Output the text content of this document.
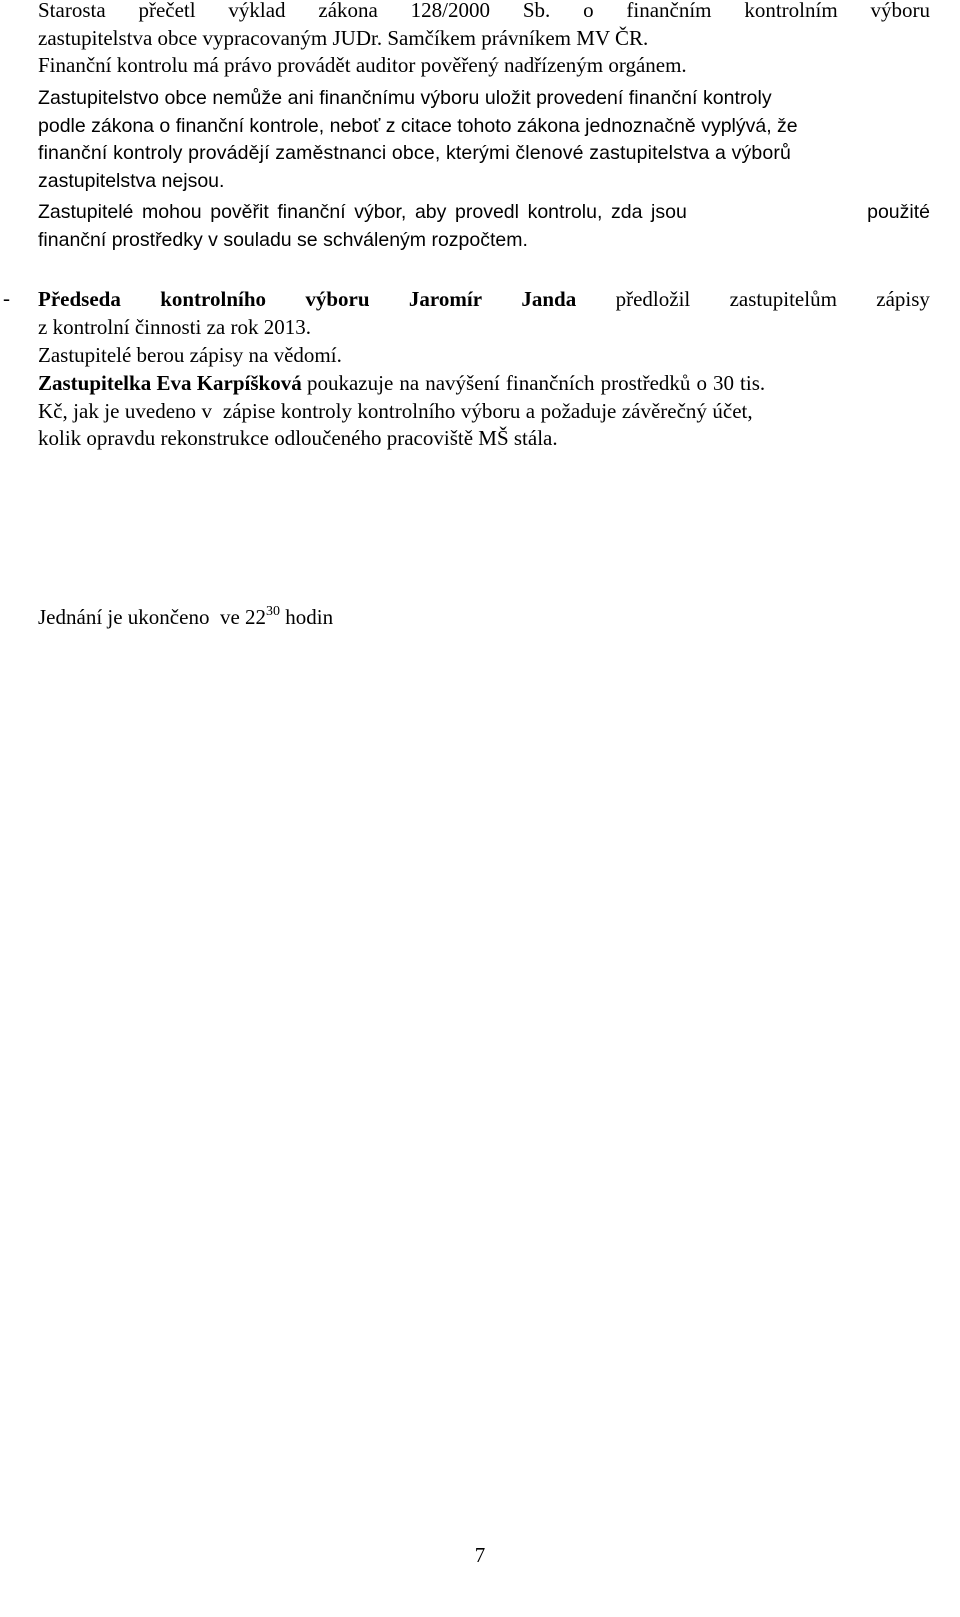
Starosta přečetl výklad zákona 128/2000 Sb. o finančním kontrolním výboru
zastupitelstva obce vypracovaným JUDr. Samčíkem právníkem MV ČR.
Finanční kontrolu má právo provádět auditor pověřený nadřízeným orgánem.
Zastupitelstvo obce nemůže ani finančnímu výboru uložit provedení finanční kontroly
podle zákona o finanční kontrole, neboť z citace tohoto zákona jednoznačně vyplývá, že
finanční kontroly provádějí zaměstnanci obce, kterými členové zastupitelstva a výborů
zastupitelstva nejsou.
Zastupitelé mohou pověřit finanční výbor, aby provedl kontrolu, zda jsou	použité
finanční prostředky v souladu se schváleným rozpočtem.
- Předseda kontrolního výboru Jaromír Janda předložil zastupitelům zápisy
z kontrolní činnosti za rok 2013.
Zastupitelé berou zápisy na vědomí.
Zastupitelka Eva Karpíšková poukazuje na navýšení finančních prostředků o 30 tis.
Kč, jak je uvedeno v  zápise kontroly kontrolního výboru a požaduje závěrečný účet,
kolik opravdu rekonstrukce odloučeného pracoviště MŠ stála.
Jednání je ukončeno  ve $22^{30}$ hodin
7
